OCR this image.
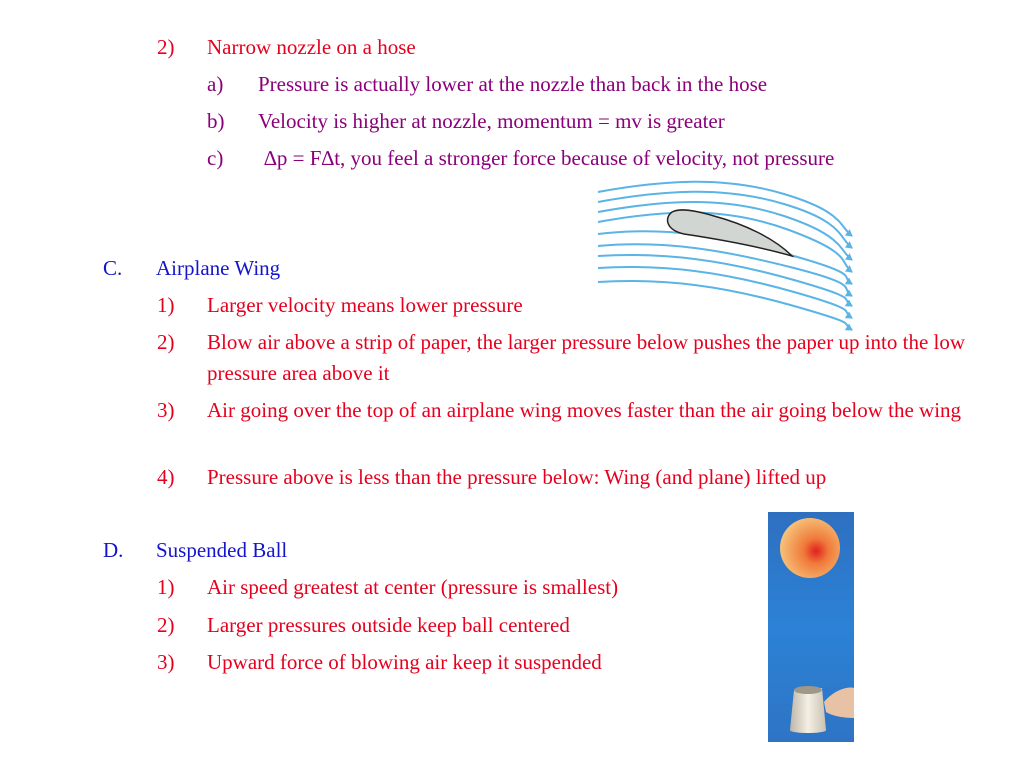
2) Narrow nozzle on a hose
a) Pressure is actually lower at the nozzle than back in the hose
b) Velocity is higher at nozzle, momentum = mv is greater
c) ∆p = F∆t, you feel a stronger force because of velocity, not pressure
C. Airplane Wing
1) Larger velocity means lower pressure
2) Blow air above a strip of paper, the larger pressure below pushes the paper up into the low pressure area above it
3) Air going over the top of an airplane wing moves faster than the air going below the wing
4) Pressure above is less than the pressure below: Wing (and plane) lifted up
D. Suspended Ball
1) Air speed greatest at center (pressure is smallest)
2) Larger pressures outside keep ball centered
3) Upward force of blowing air keep it suspended
